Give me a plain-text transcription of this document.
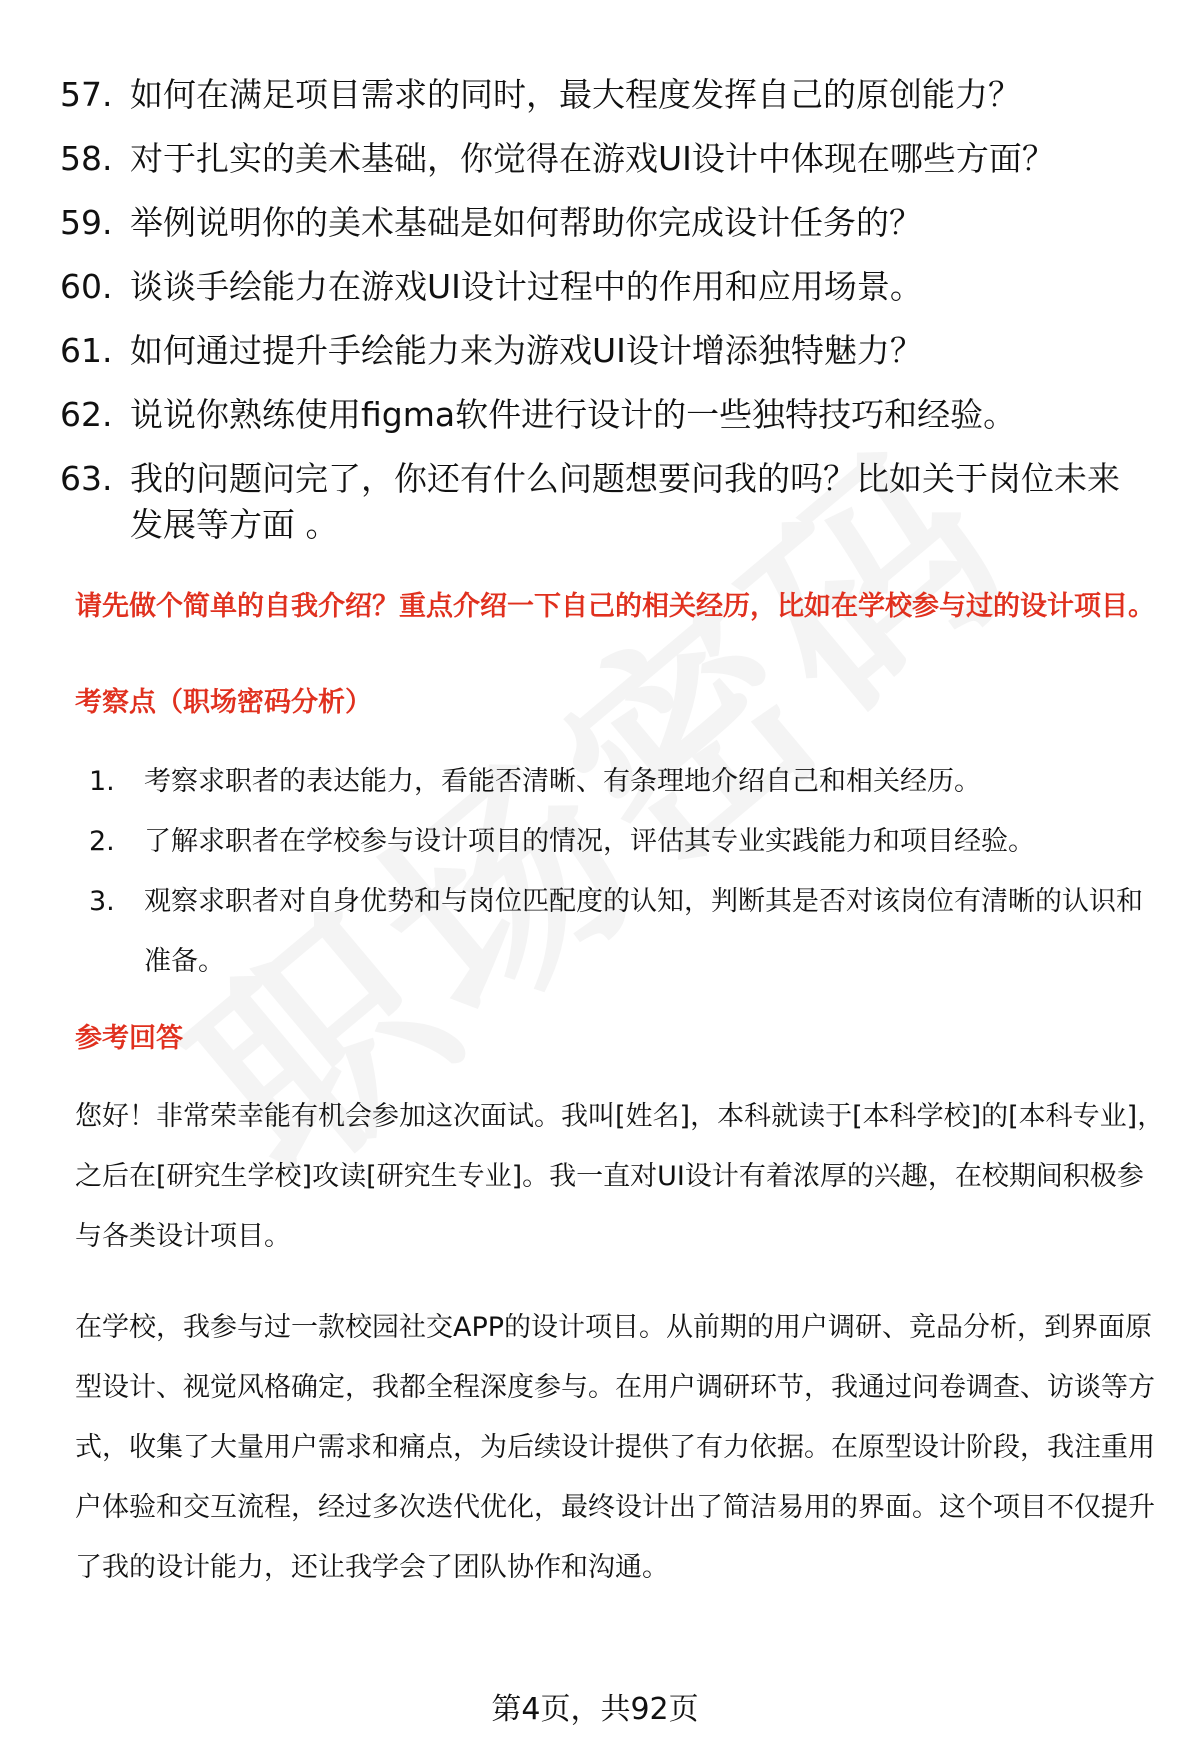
57. 如何在满足项目需求的同时，最大程度发挥自己的原创能力？
58. 对于扎实的美术基础，你觉得在游戏UI设计中体现在哪些方面？
59. 举例说明你的美术基础是如何帮助你完成设计任务的？
60. 谈谈手绘能力在游戏UI设计过程中的作用和应用场景。
61. 如何通过提升手绘能力来为游戏UI设计增添独特魅力？
62. 说说你熟练使用figma软件进行设计的一些独特技巧和经验。
63. 我的问题问完了，你还有什么问题想要问我的吗？比如关于岗位未来发展等方面 。
请先做个简单的自我介绍？重点介绍一下自己的相关经历，比如在学校参与过的设计项目。
考察点（职场密码分析）
1.	考察求职者的表达能力，看能否清晰、有条理地介绍自己和相关经历。
2.	了解求职者在学校参与设计项目的情况，评估其专业实践能力和项目经验。
3.	观察求职者对自身优势和与岗位匹配度的认知，判断其是否对该岗位有清晰的认识和准备。
参考回答

您好！非常荣幸能有机会参加这次面试。我叫[姓名]，本科就读于[本科学校]的[本科专业]，之后在[研究生学校]攻读[研究生专业]。我一直对UI设计有着浓厚的兴趣，在校期间积极参与各类设计项目。

在学校，我参与过一款校园社交APP的设计项目。从前期的用户调研、竞品分析，到界面原型设计、视觉风格确定，我都全程深度参与。在用户调研环节，我通过问卷调查、访谈等方式，收集了大量用户需求和痛点，为后续设计提供了有力依据。在原型设计阶段，我注重用户体验和交互流程，经过多次迭代优化，最终设计出了简洁易用的界面。这个项目不仅提升了我的设计能力，还让我学会了团队协作和沟通。

第4页，共92页
